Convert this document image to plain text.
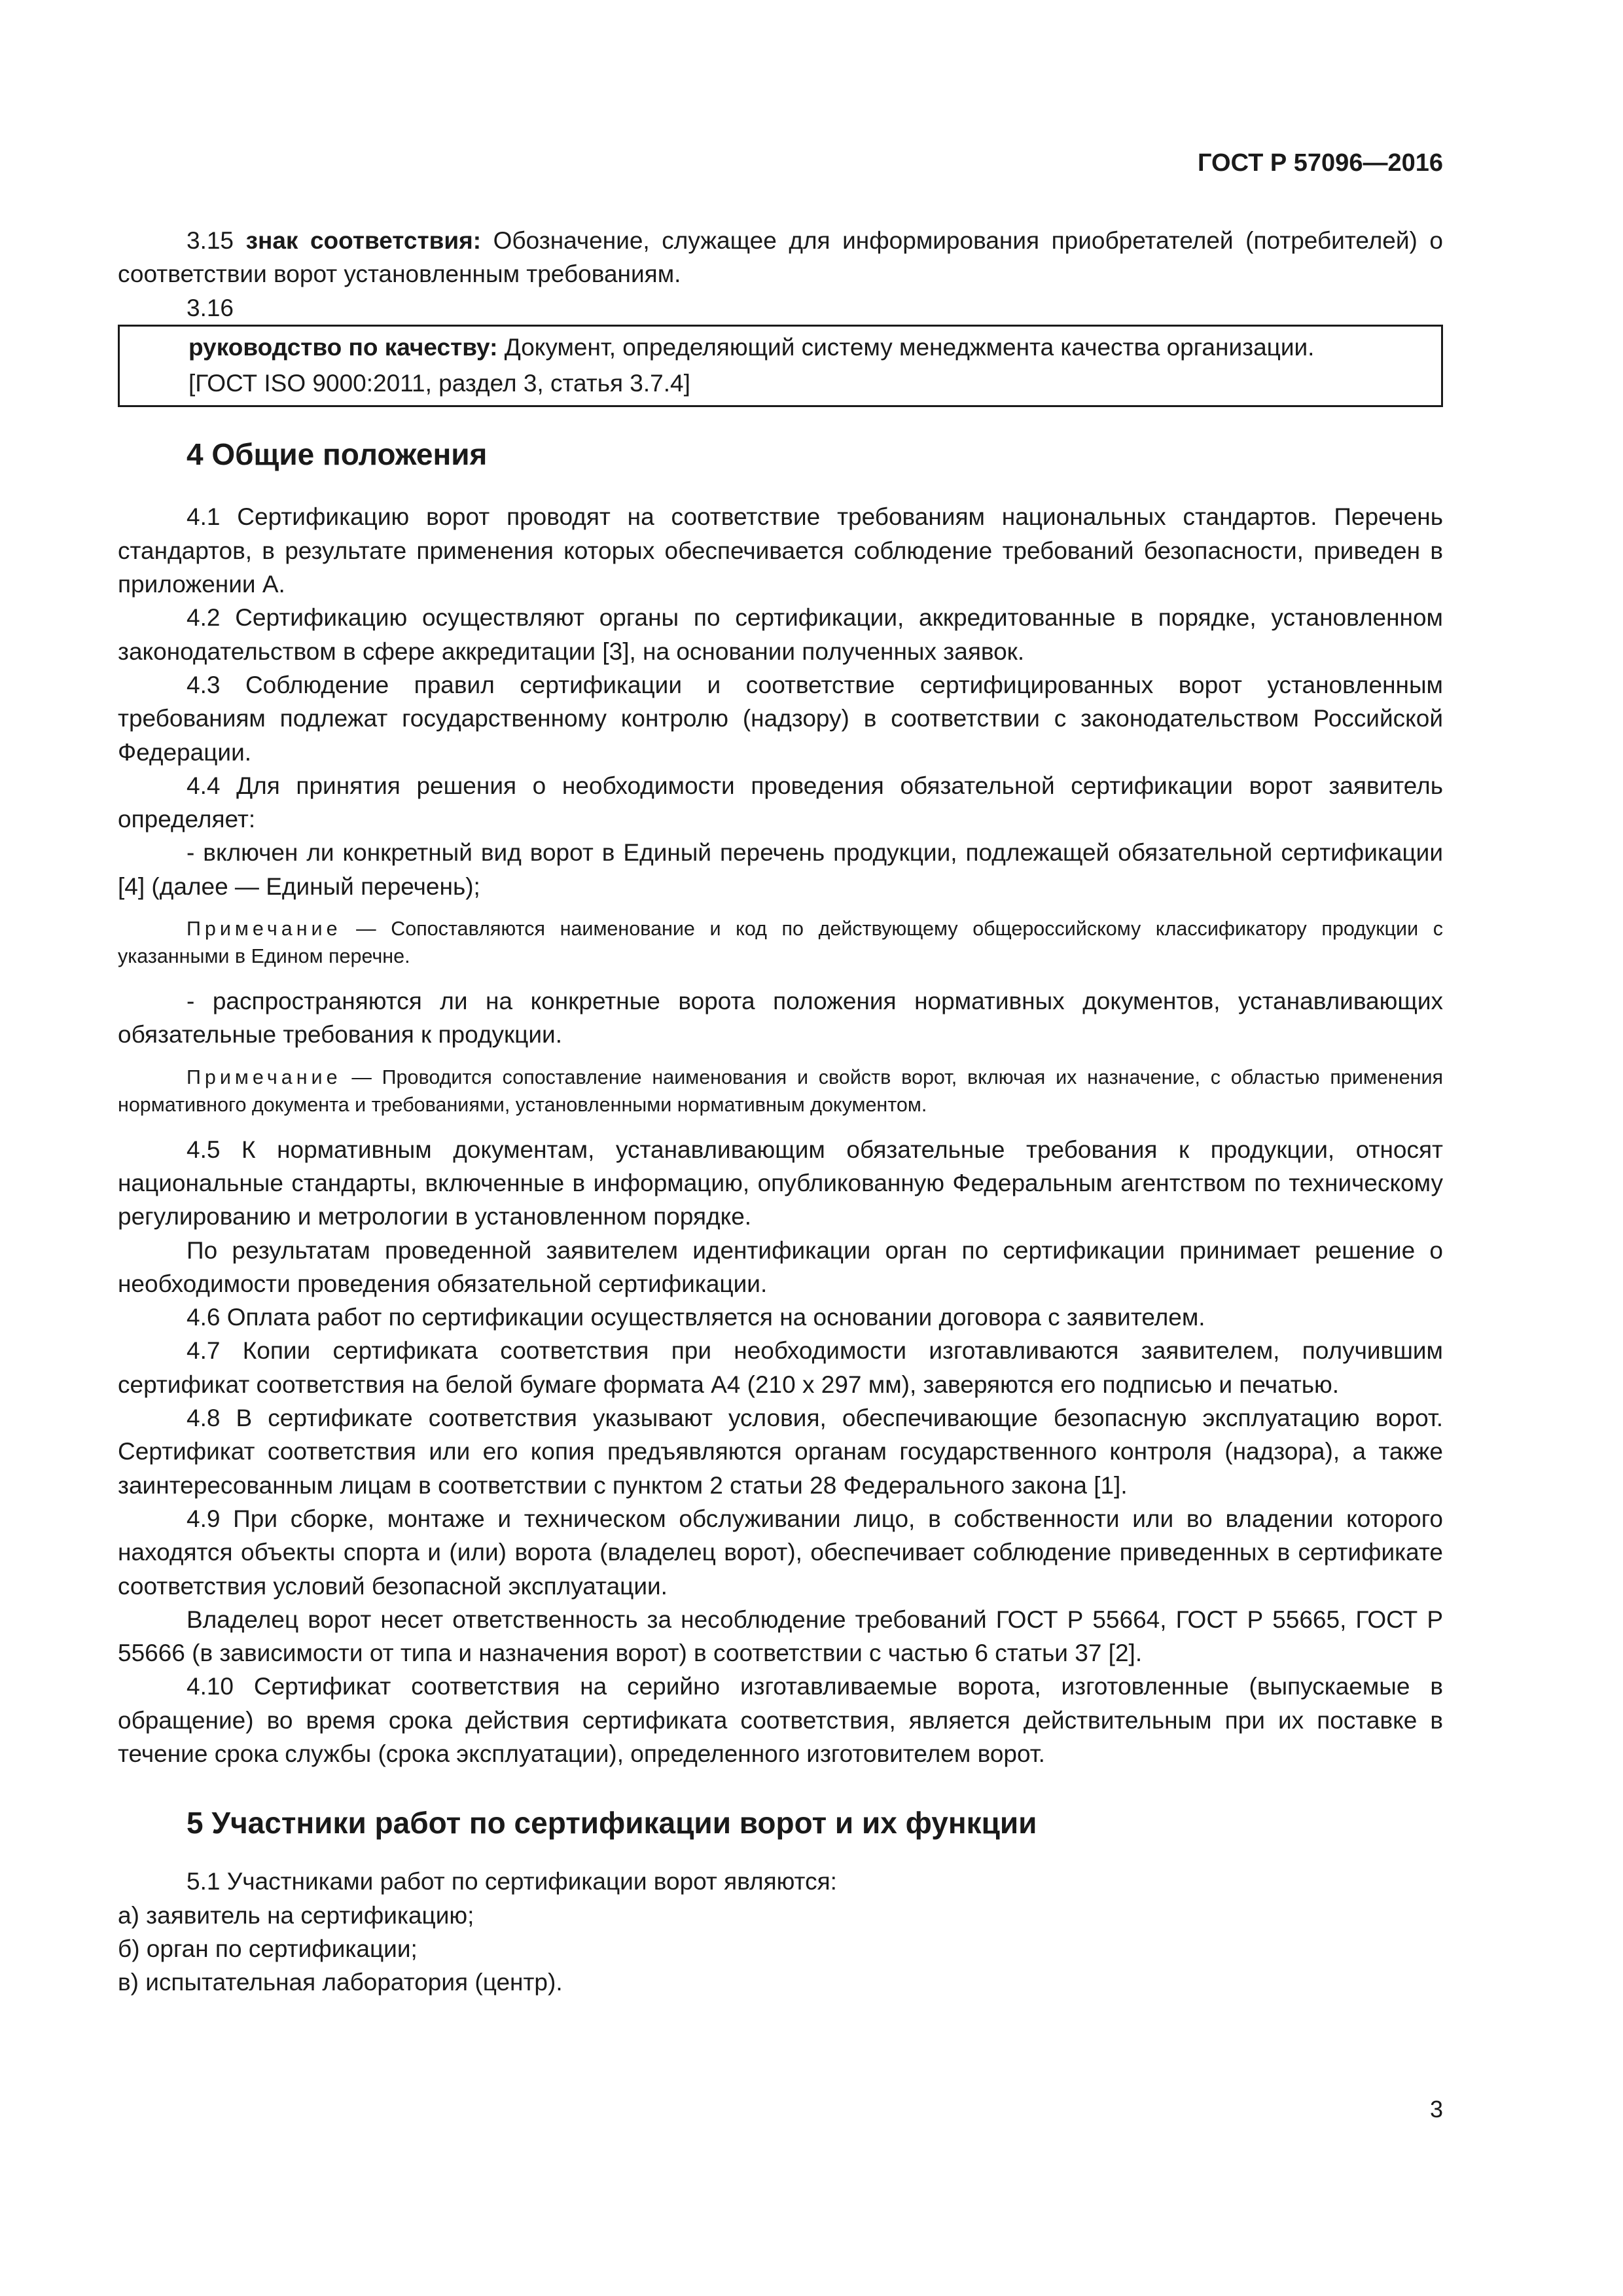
ГОСТ Р 57096—2016

3.15 знак соответствия: Обозначение, служащее для информирования приобретателей (потребителей) о соответствии ворот установленным требованиям.

3.16

руководство по качеству: Документ, определяющий систему менеджмента качества организации.

[ГОСТ ISO 9000:2011, раздел 3, статья 3.7.4]

4 Общие положения

4.1 Сертификацию ворот проводят на соответствие требованиям национальных стандартов. Перечень стандартов, в результате применения которых обеспечивается соблюдение требований безопасности, приведен в приложении А.

4.2 Сертификацию осуществляют органы по сертификации, аккредитованные в порядке, установленном законодательством в сфере аккредитации [3], на основании полученных заявок.

4.3 Соблюдение правил сертификации и соответствие сертифицированных ворот установленным требованиям подлежат государственному контролю (надзору) в соответствии с законодательством Российской Федерации.

4.4 Для принятия решения о необходимости проведения обязательной сертификации ворот заявитель определяет:

- включен ли конкретный вид ворот в Единый перечень продукции, подлежащей обязательной сертификации [4] (далее — Единый перечень);

Примечание — Сопоставляются наименование и код по действующему общероссийскому классификатору продукции с указанными в Едином перечне.

- распространяются ли на конкретные ворота положения нормативных документов, устанавливающих обязательные требования к продукции.

Примечание — Проводится сопоставление наименования и свойств ворот, включая их назначение, с областью применения нормативного документа и требованиями, установленными нормативным документом.

4.5 К нормативным документам, устанавливающим обязательные требования к продукции, относят национальные стандарты, включенные в информацию, опубликованную Федеральным агентством по техническому регулированию и метрологии в установленном порядке.

По результатам проведенной заявителем идентификации орган по сертификации принимает решение о необходимости проведения обязательной сертификации.

4.6 Оплата работ по сертификации осуществляется на основании договора с заявителем.

4.7 Копии сертификата соответствия при необходимости изготавливаются заявителем, получившим сертификат соответствия на белой бумаге формата А4 (210 х 297 мм), заверяются его подписью и печатью.

4.8 В сертификате соответствия указывают условия, обеспечивающие безопасную эксплуатацию ворот. Сертификат соответствия или его копия предъявляются органам государственного контроля (надзора), а также заинтересованным лицам в соответствии с пунктом 2 статьи 28 Федерального закона [1].

4.9 При сборке, монтаже и техническом обслуживании лицо, в собственности или во владении которого находятся объекты спорта и (или) ворота (владелец ворот), обеспечивает соблюдение приведенных в сертификате соответствия условий безопасной эксплуатации.

Владелец ворот несет ответственность за несоблюдение требований ГОСТ Р 55664, ГОСТ Р 55665, ГОСТ Р 55666 (в зависимости от типа и назначения ворот) в соответствии с частью 6 статьи 37 [2].

4.10 Сертификат соответствия на серийно изготавливаемые ворота, изготовленные (выпускаемые в обращение) во время срока действия сертификата соответствия, является действительным при их поставке в течение срока службы (срока эксплуатации), определенного изготовителем ворот.

5 Участники работ по сертификации ворот и их функции

5.1 Участниками работ по сертификации ворот являются:

а) заявитель на сертификацию;

б) орган по сертификации;

в) испытательная лаборатория (центр).

3
